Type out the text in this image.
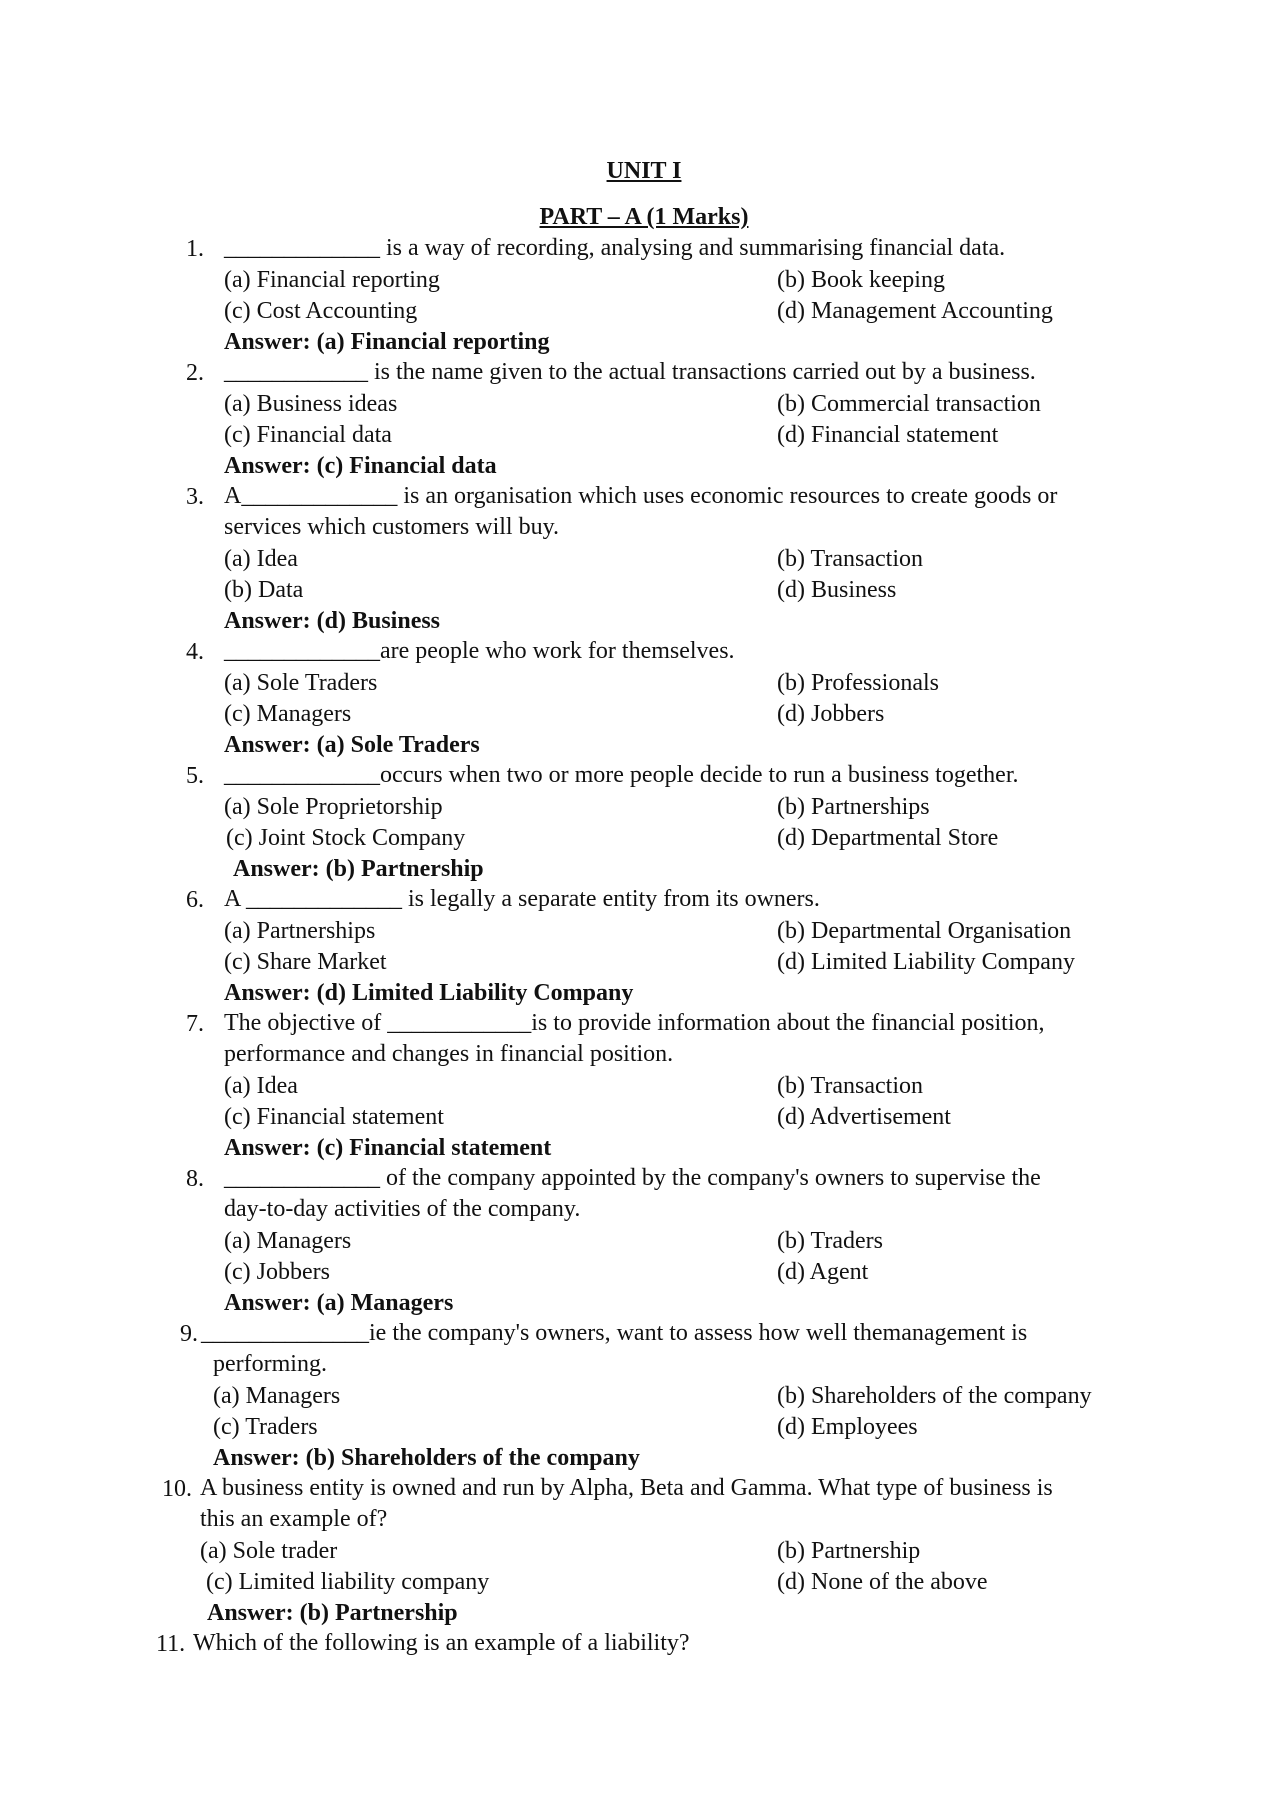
UNIT I
PART – A (1 Marks)
1. _____________ is a way of recording, analysing and summarising financial data.
(a) Financial reporting	(b) Book keeping
(c) Cost Accounting	(d) Management Accounting
Answer: (a) Financial reporting
2. ____________ is the name given to the actual transactions carried out by a business.
(a) Business ideas	(b) Commercial transaction
(c) Financial data	(d) Financial statement
Answer: (c) Financial data
3. A_____________ is an organisation which uses economic resources to create goods or
services which customers will buy.
(a) Idea	(b) Transaction
(b) Data	(d) Business
Answer: (d) Business
4. _____________are people who work for themselves.
(a) Sole Traders	(b) Professionals
(c) Managers	(d) Jobbers
Answer: (a) Sole Traders
5. _____________occurs when two or more people decide to run a business together.
(a) Sole Proprietorship	(b) Partnerships
(c) Joint Stock Company	(d) Departmental Store
Answer: (b) Partnership
6. A _____________ is legally a separate entity from its owners.
(a) Partnerships	(b) Departmental Organisation
(c) Share Market	(d) Limited Liability Company
Answer: (d) Limited Liability Company
7. The objective of ____________is to provide information about the financial position,
performance and changes in financial position.
(a) Idea	(b) Transaction
(c) Financial statement	(d) Advertisement
Answer: (c) Financial statement
8. _____________ of the company appointed by the company's owners to supervise the
day-to-day activities of the company.
(a) Managers	(b) Traders
(c) Jobbers	(d) Agent
Answer: (a) Managers
9. ______________ie the company's owners, want to assess how well themanagement is
performing.
(a) Managers	(b) Shareholders of the company
(c) Traders	(d) Employees
Answer: (b) Shareholders of the company
10. A business entity is owned and run by Alpha, Beta and Gamma. What type of business is
this an example of?
(a) Sole trader	(b) Partnership
(c) Limited liability company	(d) None of the above
Answer: (b) Partnership
11. Which of the following is an example of a liability?
